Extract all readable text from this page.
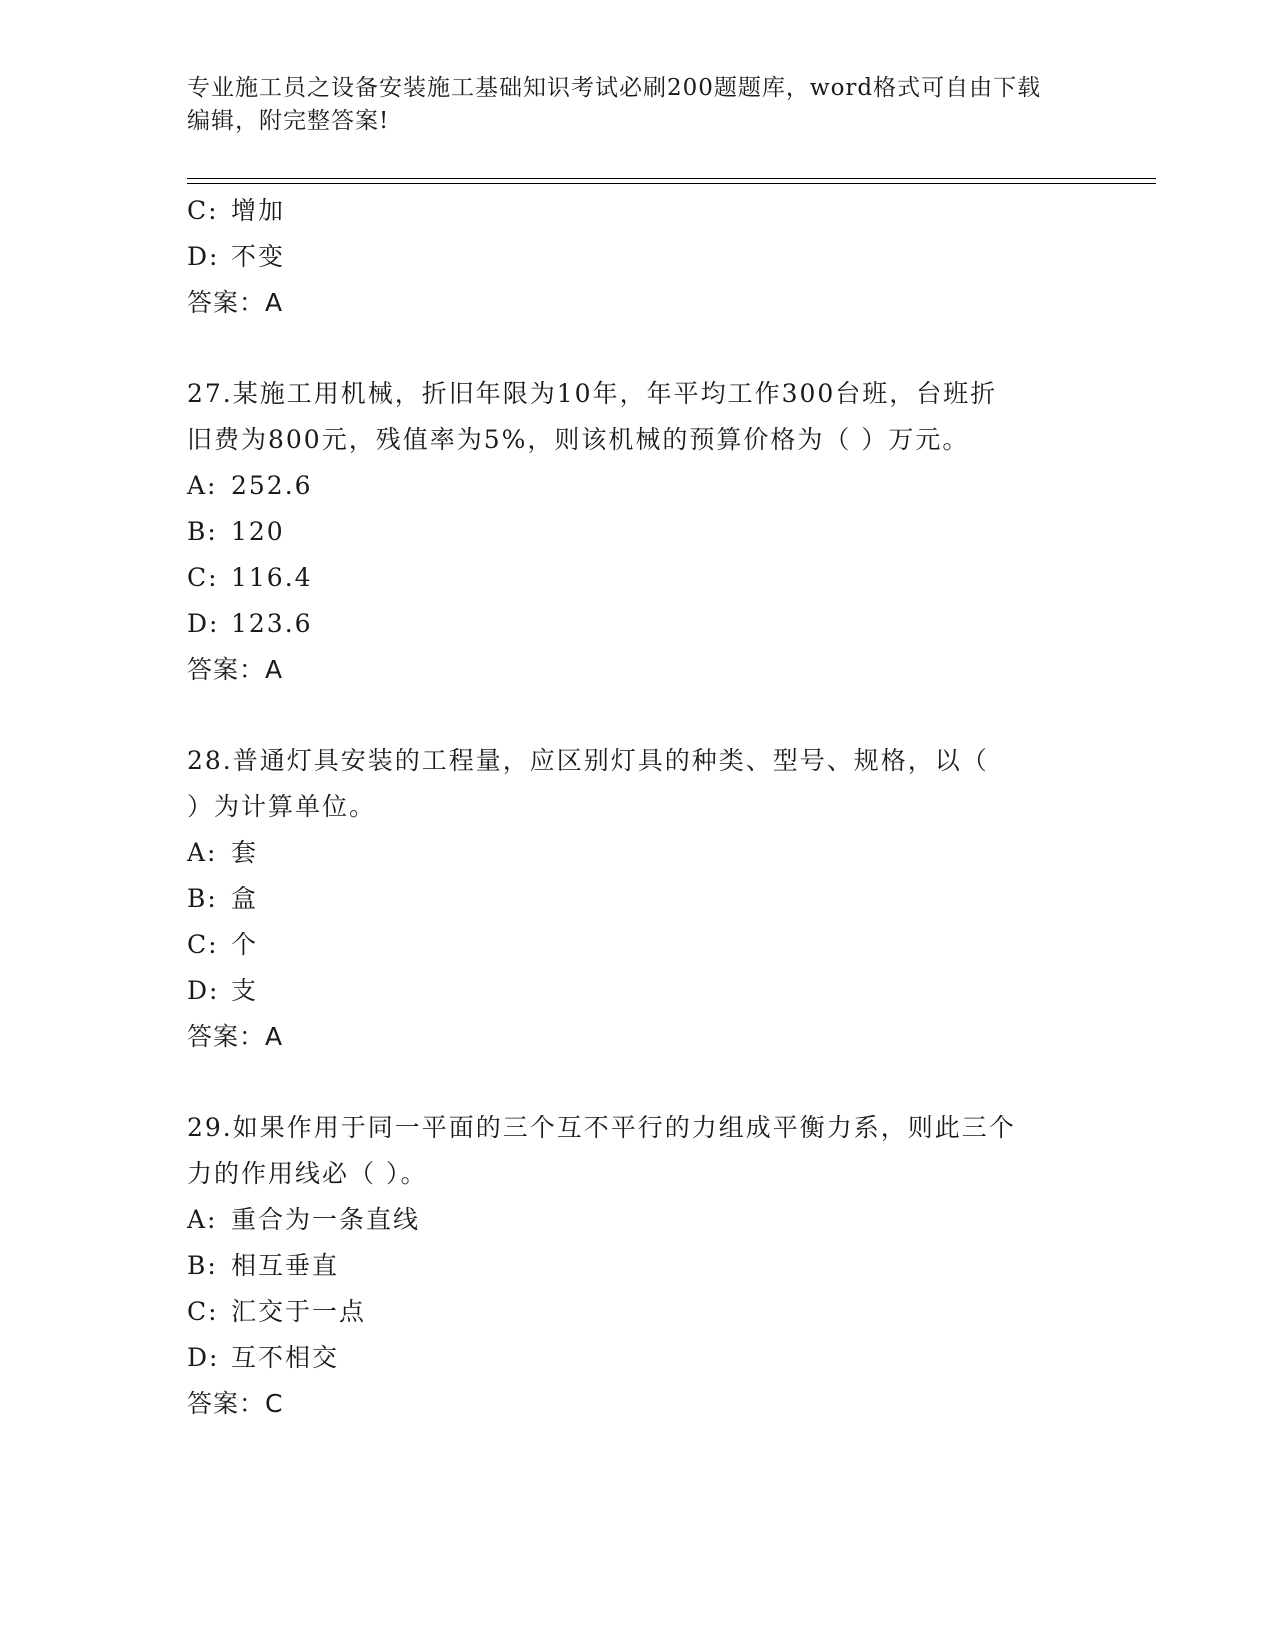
专业施工员之设备安装施工基础知识考试必刷200题题库，word格式可自由下载
编辑，附完整答案!
C: 增加
D: 不变
答案：A
27.某施工用机械，折旧年限为10年，年平均工作300台班，台班折
旧费为800元，残值率为5%，则该机械的预算价格为（ ）万元。
A: 252.6
B: 120
C: 116.4
D: 123.6
答案：A
28.普通灯具安装的工程量，应区别灯具的种类、型号、规格，以（
）为计算单位。
A: 套
B: 盒
C: 个
D: 支
答案：A
29.如果作用于同一平面的三个互不平行的力组成平衡力系，则此三个
力的作用线必（ ）。
A: 重合为一条直线
B: 相互垂直
C: 汇交于一点
D: 互不相交
答案：C
